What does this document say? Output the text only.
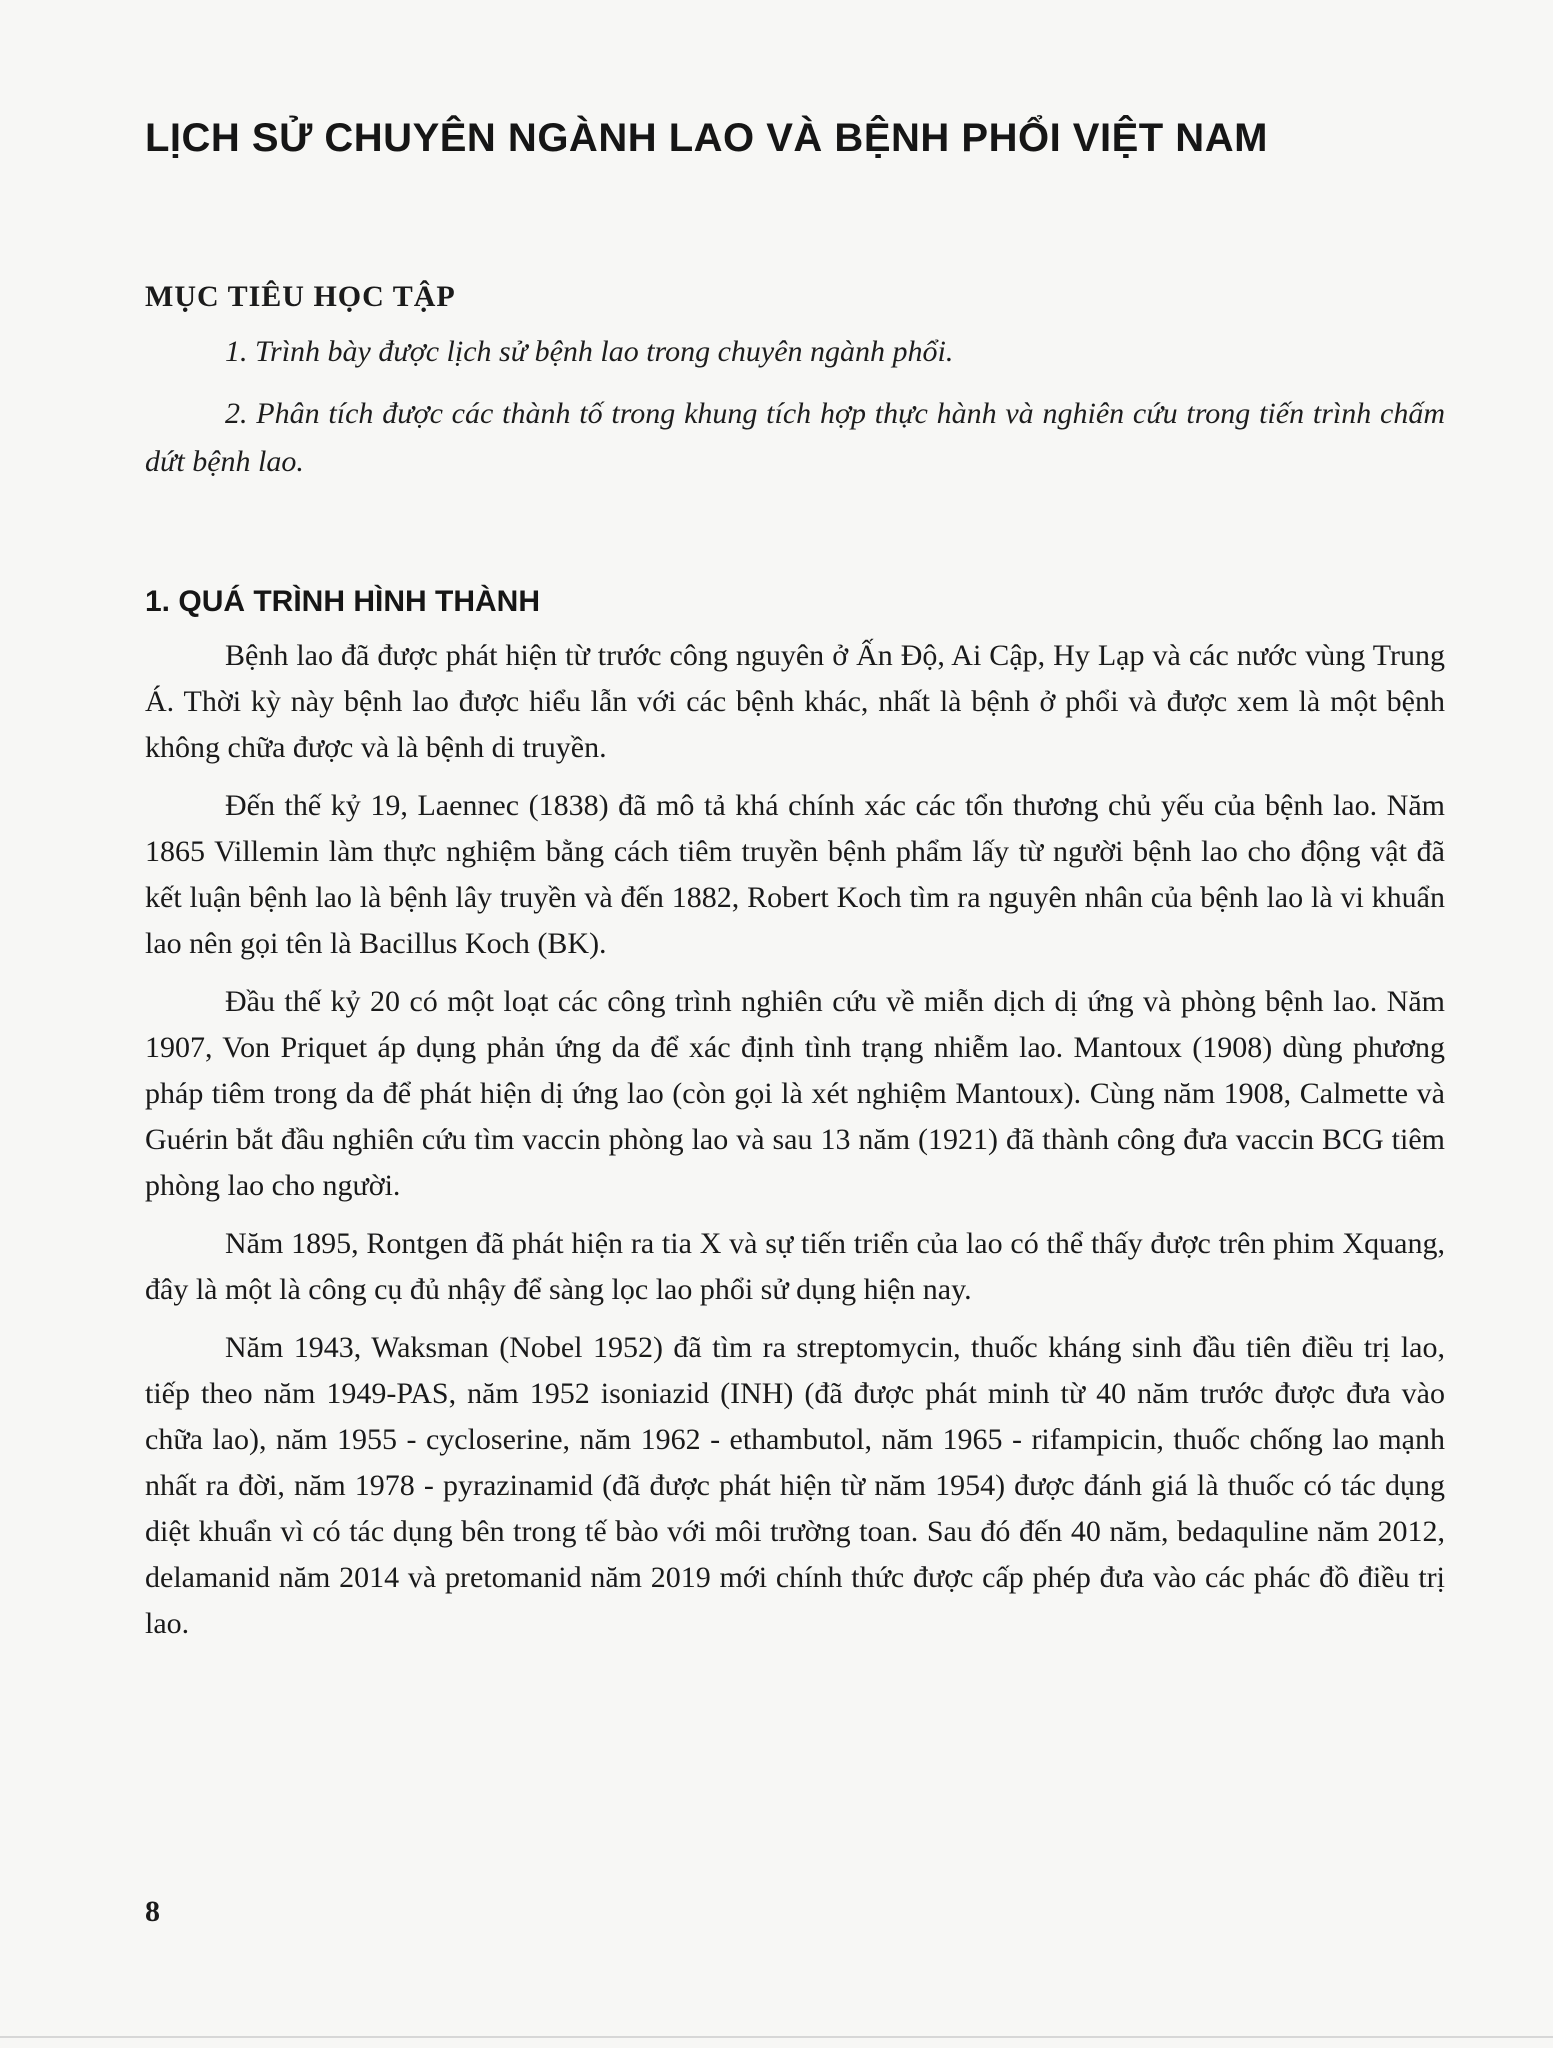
LỊCH SỬ CHUYÊN NGÀNH LAO VÀ BỆNH PHỔI VIỆT NAM
MỤC TIÊU HỌC TẬP

1. Trình bày được lịch sử bệnh lao trong chuyên ngành phổi.

2. Phân tích được các thành tố trong khung tích hợp thực hành và nghiên cứu trong tiến trình chấm dứt bệnh lao.

1. QUÁ TRÌNH HÌNH THÀNH

Bệnh lao đã được phát hiện từ trước công nguyên ở Ấn Độ, Ai Cập, Hy Lạp và các nước vùng Trung Á. Thời kỳ này bệnh lao được hiểu lẫn với các bệnh khác, nhất là bệnh ở phổi và được xem là một bệnh không chữa được và là bệnh di truyền.

Đến thế kỷ 19, Laennec (1838) đã mô tả khá chính xác các tổn thương chủ yếu của bệnh lao. Năm 1865 Villemin làm thực nghiệm bằng cách tiêm truyền bệnh phẩm lấy từ người bệnh lao cho động vật đã kết luận bệnh lao là bệnh lây truyền và đến 1882, Robert Koch tìm ra nguyên nhân của bệnh lao là vi khuẩn lao nên gọi tên là Bacillus Koch (BK).

Đầu thế kỷ 20 có một loạt các công trình nghiên cứu về miễn dịch dị ứng và phòng bệnh lao. Năm 1907, Von Priquet áp dụng phản ứng da để xác định tình trạng nhiễm lao. Mantoux (1908) dùng phương pháp tiêm trong da để phát hiện dị ứng lao (còn gọi là xét nghiệm Mantoux). Cùng năm 1908, Calmette và Guérin bắt đầu nghiên cứu tìm vaccin phòng lao và sau 13 năm (1921) đã thành công đưa vaccin BCG tiêm phòng lao cho người.

Năm 1895, Rontgen đã phát hiện ra tia X và sự tiến triển của lao có thể thấy được trên phim Xquang, đây là một là công cụ đủ nhậy để sàng lọc lao phổi sử dụng hiện nay.

Năm 1943, Waksman (Nobel 1952) đã tìm ra streptomycin, thuốc kháng sinh đầu tiên điều trị lao, tiếp theo năm 1949-PAS, năm 1952 isoniazid (INH) (đã được phát minh từ 40 năm trước được đưa vào chữa lao), năm 1955 - cycloserine, năm 1962 - ethambutol, năm 1965 - rifampicin, thuốc chống lao mạnh nhất ra đời, năm 1978 - pyrazinamid (đã được phát hiện từ năm 1954) được đánh giá là thuốc có tác dụng diệt khuẩn vì có tác dụng bên trong tế bào với môi trường toan. Sau đó đến 40 năm, bedaquline năm 2012, delamanid năm 2014 và pretomanid năm 2019 mới chính thức được cấp phép đưa vào các phác đồ điều trị lao.

8
